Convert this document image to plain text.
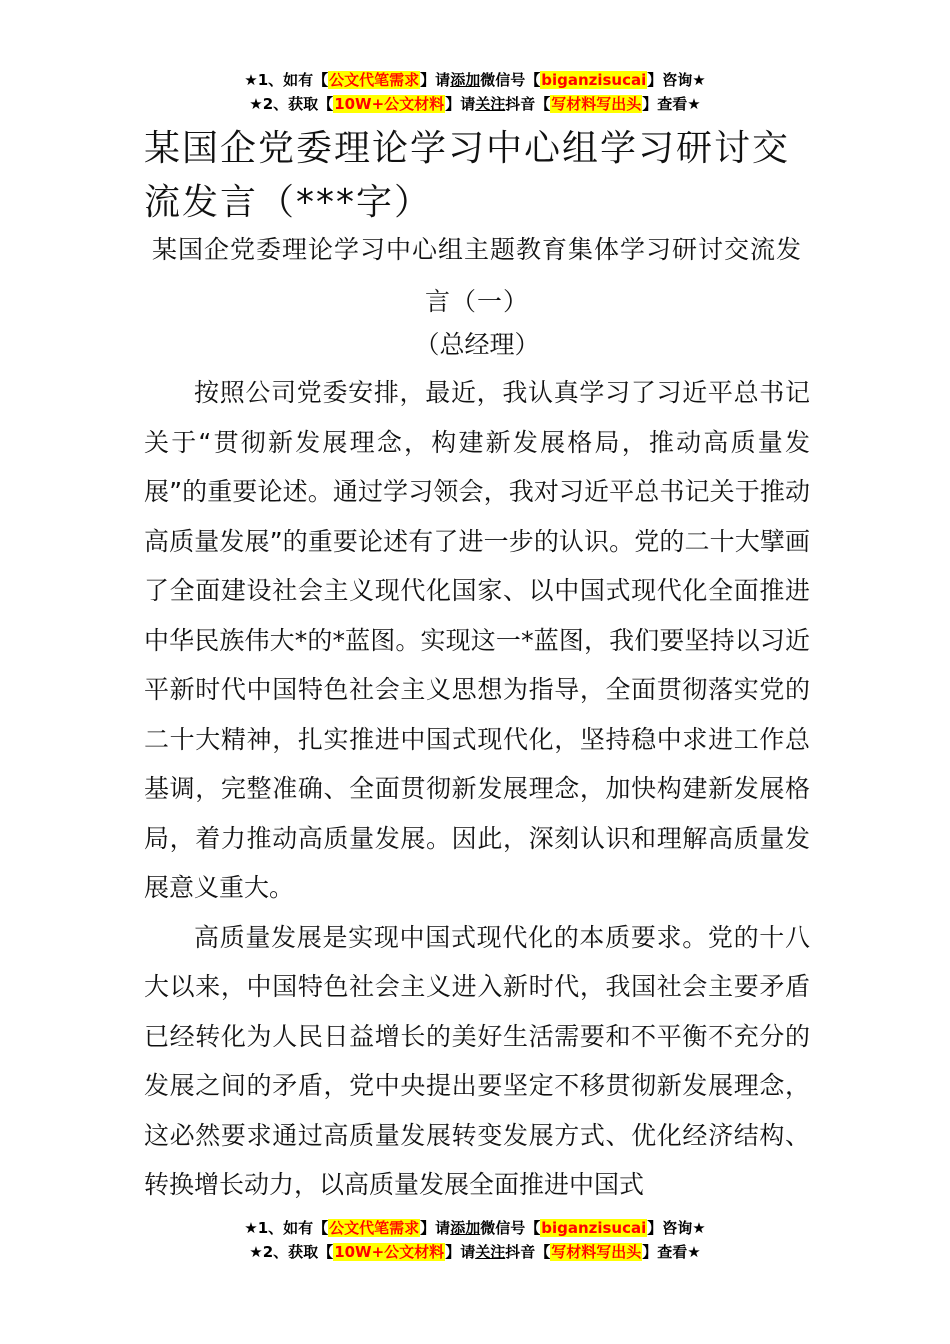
★1、如有【公文代笔需求】请添加微信号【biganzisucai】咨询★
★2、获取【10W+公文材料】请关注抖音【写材料写出头】查看★
某国企党委理论学习中心组学习研讨交流发言（***字）
某国企党委理论学习中心组主题教育集体学习研讨交流发言（一）
（总经理）

按照公司党委安排，最近，我认真学习了习近平总书记关于“贯彻新发展理念，构建新发展格局，推动高质量发展”的重要论述。通过学习领会，我对习近平总书记关于推动高质量发展”的重要论述有了进一步的认识。党的二十大擘画了全面建设社会主义现代化国家、以中国式现代化全面推进中华民族伟大*的*蓝图。实现这一*蓝图，我们要坚持以习近平新时代中国特色社会主义思想为指导，全面贯彻落实党的二十大精神，扎实推进中国式现代化，坚持稳中求进工作总基调，完整准确、全面贯彻新发展理念，加快构建新发展格局，着力推动高质量发展。因此，深刻认识和理解高质量发展意义重大。

高质量发展是实现中国式现代化的本质要求。党的十八大以来，中国特色社会主义进入新时代，我国社会主要矛盾已经转化为人民日益增长的美好生活需要和不平衡不充分的发展之间的矛盾，党中央提出要坚定不移贯彻新发展理念，这必然要求通过高质量发展转变发展方式、优化经济结构、转换增长动力，以高质量发展全面推进中国式

★1、如有【公文代笔需求】请添加微信号【biganzisucai】咨询★
★2、获取【10W+公文材料】请关注抖音【写材料写出头】查看★
